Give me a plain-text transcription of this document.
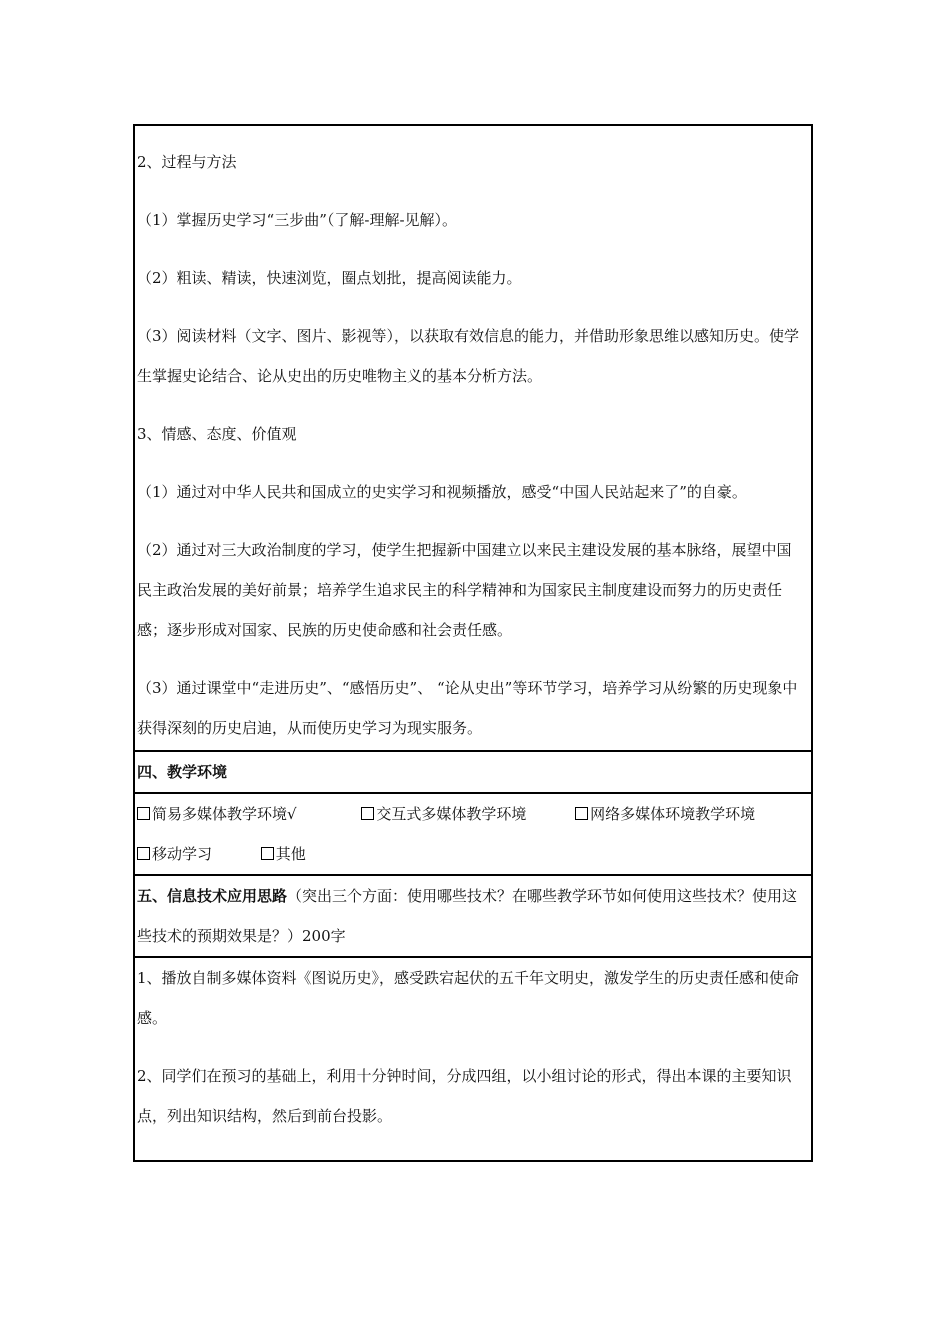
2、过程与方法

（1）掌握历史学习“三步曲”（了解-理解-见解）。

（2）粗读、精读，快速浏览，圈点划批，提高阅读能力。

（3）阅读材料（文字、图片、影视等），以获取有效信息的能力，并借助形象思维以感知历史。使学生掌握史论结合、论从史出的历史唯物主义的基本分析方法。

3、情感、态度、价值观

（1）通过对中华人民共和国成立的史实学习和视频播放，感受“中国人民站起来了”的自豪。

（2）通过对三大政治制度的学习，使学生把握新中国建立以来民主建设发展的基本脉络，展望中国民主政治发展的美好前景；培养学生追求民主的科学精神和为国家民主制度建设而努力的历史责任感；逐步形成对国家、民族的历史使命感和社会责任感。

（3）通过课堂中“走进历史”、“感悟历史”、 “论从史出”等环节学习，培养学习从纷繁的历史现象中获得深刻的历史启迪，从而使历史学习为现实服务。

四、教学环境

简易多媒体教学环境√	交互式多媒体教学环境	网络多媒体环境教学环境 移动学习	其他

五、信息技术应用思路（突出三个方面：使用哪些技术？在哪些教学环节如何使用这些技术？使用这些技术的预期效果是？）200字

1、播放自制多媒体资料《图说历史》，感受跌宕起伏的五千年文明史，激发学生的历史责任感和使命感。

2、同学们在预习的基础上，利用十分钟时间，分成四组，以小组讨论的形式，得出本课的主要知识点，列出知识结构，然后到前台投影。
